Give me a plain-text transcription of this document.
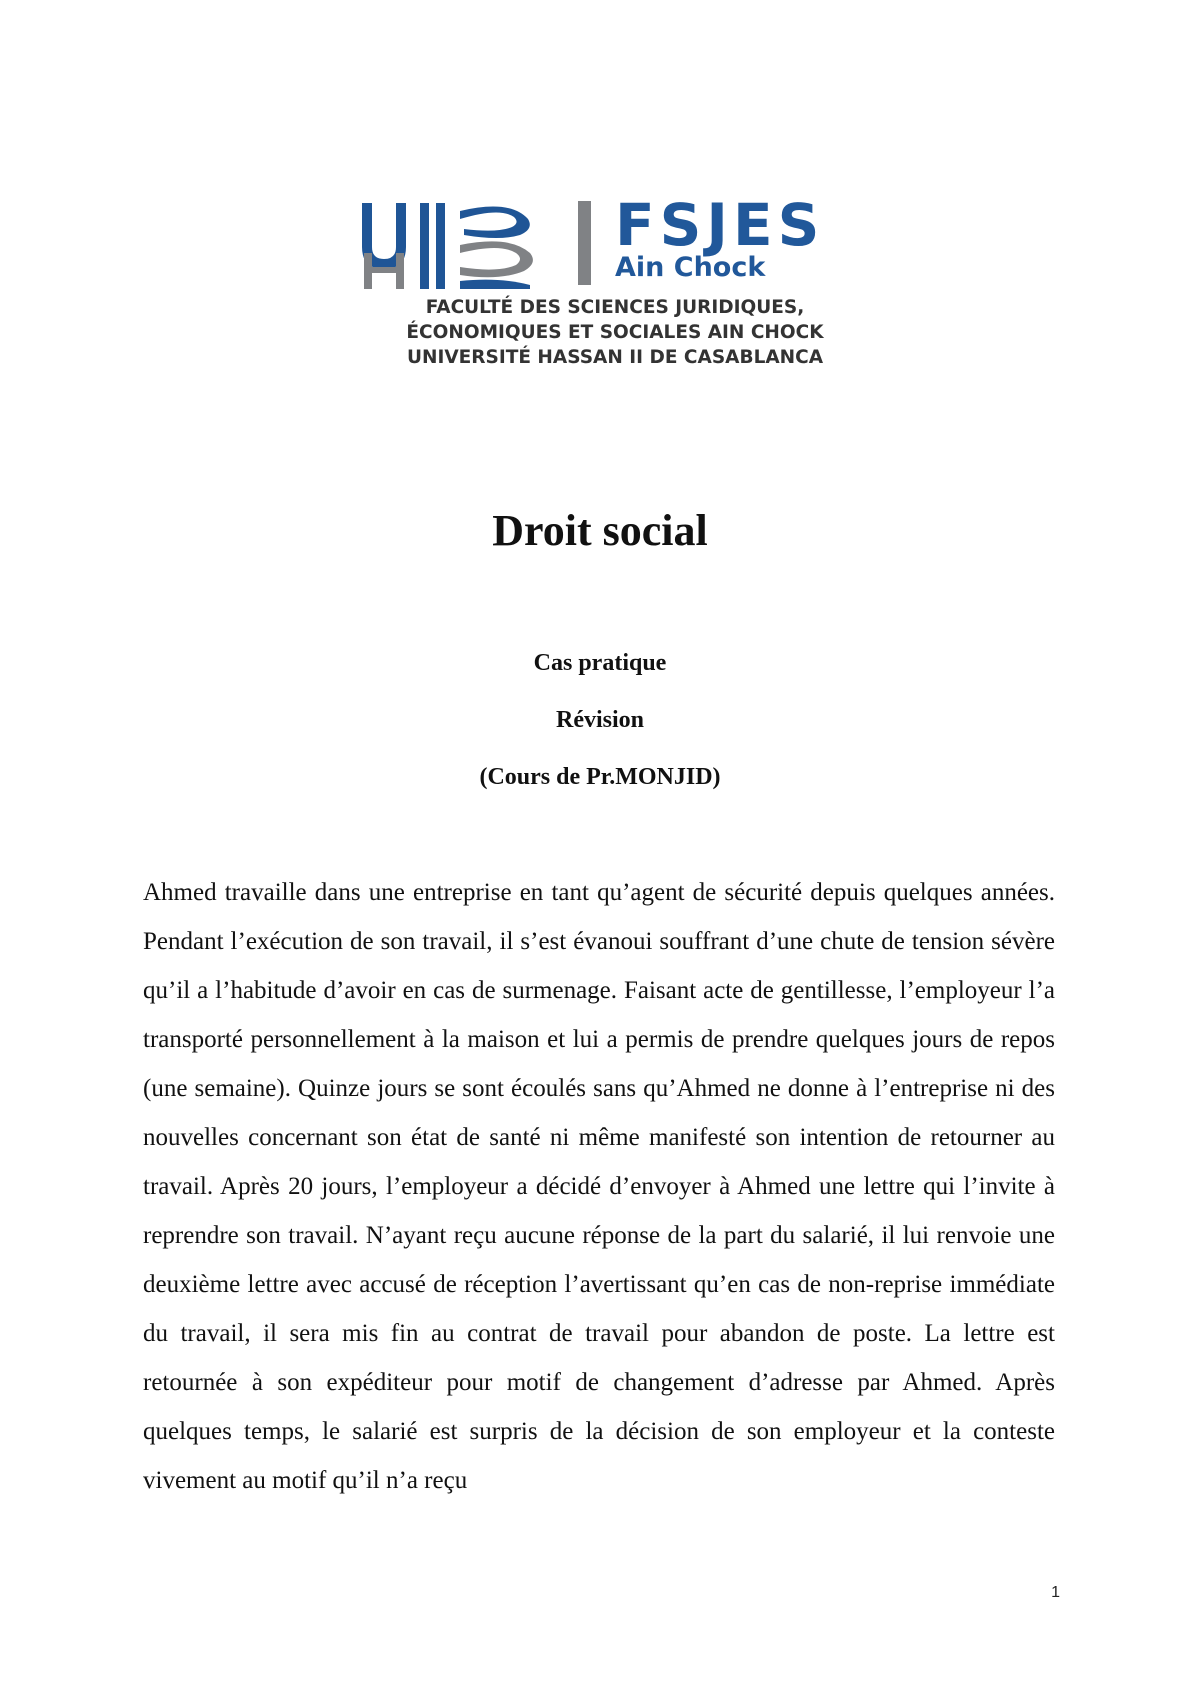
FSJES
Ain Chock
FACULTÉ DES SCIENCES JURIDIQUES,
ÉCONOMIQUES ET SOCIALES AIN CHOCK
UNIVERSITÉ HASSAN II DE CASABLANCA
Droit social
Cas pratique
Révision
(Cours de Pr.MONJID)

Ahmed travaille dans une entreprise en tant qu’agent de sécurité depuis quelques années. Pendant l’exécution de son travail, il s’est évanoui souffrant d’une chute de tension sévère qu’il a l’habitude d’avoir en cas de surmenage. Faisant acte de gentillesse, l’employeur l’a transporté personnellement à la maison et lui a permis de prendre quelques jours de repos (une semaine). Quinze jours se sont écoulés sans qu’Ahmed ne donne à l’entreprise ni des nouvelles concernant son état de santé ni même manifesté son intention de retourner au travail. Après 20 jours, l’employeur a décidé d’envoyer à Ahmed une lettre qui l’invite à reprendre son travail. N’ayant reçu aucune réponse de la part du salarié, il lui renvoie une deuxième lettre avec accusé de réception l’avertissant qu’en cas de non-reprise immédiate du travail, il sera mis fin au contrat de travail pour abandon de poste. La lettre est retournée à son expéditeur pour motif de changement d’adresse par Ahmed. Après quelques temps, le salarié est surpris de la décision de son employeur et la conteste vivement au motif qu’il n’a reçu

1
